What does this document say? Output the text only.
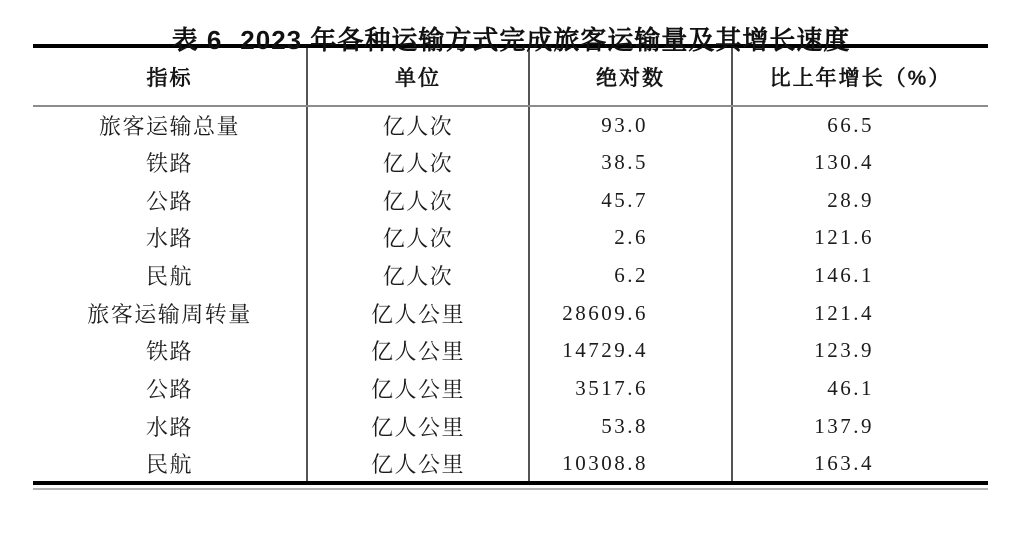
表 6 2023 年各种运输方式完成旅客运输量及其增长速度
指标	单位	绝对数	比上年增长（%）
旅客运输总量	亿人次	93.0	66.5
铁路	亿人次	38.5	130.4
公路	亿人次	45.7	28.9
水路	亿人次	2.6	121.6
民航	亿人次	6.2	146.1
旅客运输周转量	亿人公里	28609.6	121.4
铁路	亿人公里	14729.4	123.9
公路	亿人公里	3517.6	46.1
水路	亿人公里	53.8	137.9
民航	亿人公里	10308.8	163.4
